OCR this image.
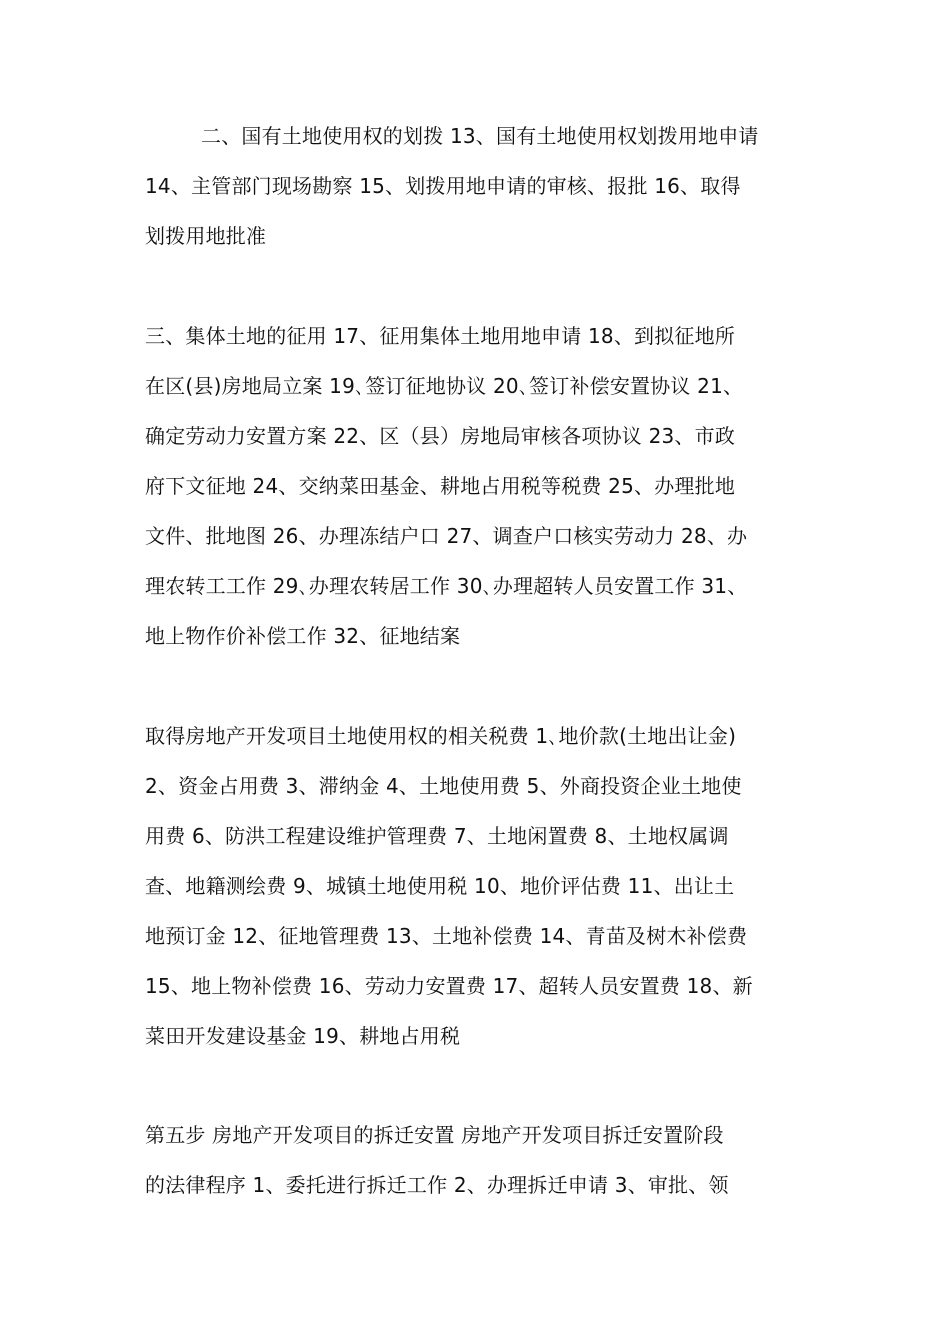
二、国有土地使用权的划拨 13、国有土地使用权划拨用地申请
14、主管部门现场勘察 15、划拨用地申请的审核、报批 16、取得
划拨用地批准
三、集体土地的征用 17、征用集体土地用地申请 18、到拟征地所
在区(县)房地局立案 19､签订征地协议 20､签订补偿安置协议 21、
确定劳动力安置方案 22、区（县）房地局审核各项协议 23、市政
府下文征地 24、交纳菜田基金、耕地占用税等税费 25、办理批地
文件、批地图 26、办理冻结户口 27、调查户口核实劳动力 28、办
理农转工工作 29､办理农转居工作 30､办理超转人员安置工作 31、
地上物作价补偿工作 32、征地结案
取得房地产开发项目土地使用权的相关税费 1､地价款(土地出让金)
2、资金占用费 3、滞纳金 4、土地使用费 5、外商投资企业土地使
用费 6、防洪工程建设维护管理费 7、土地闲置费 8、土地权属调
查、地籍测绘费 9、城镇土地使用税 10、地价评估费 11、出让土
地预订金 12、征地管理费 13、土地补偿费 14、青苗及树木补偿费
15、地上物补偿费 16、劳动力安置费 17、超转人员安置费 18、新
菜田开发建设基金 19、耕地占用税
第五步 房地产开发项目的拆迁安置 房地产开发项目拆迁安置阶段
的法律程序 1、委托进行拆迁工作 2、办理拆迁申请 3、审批、领
